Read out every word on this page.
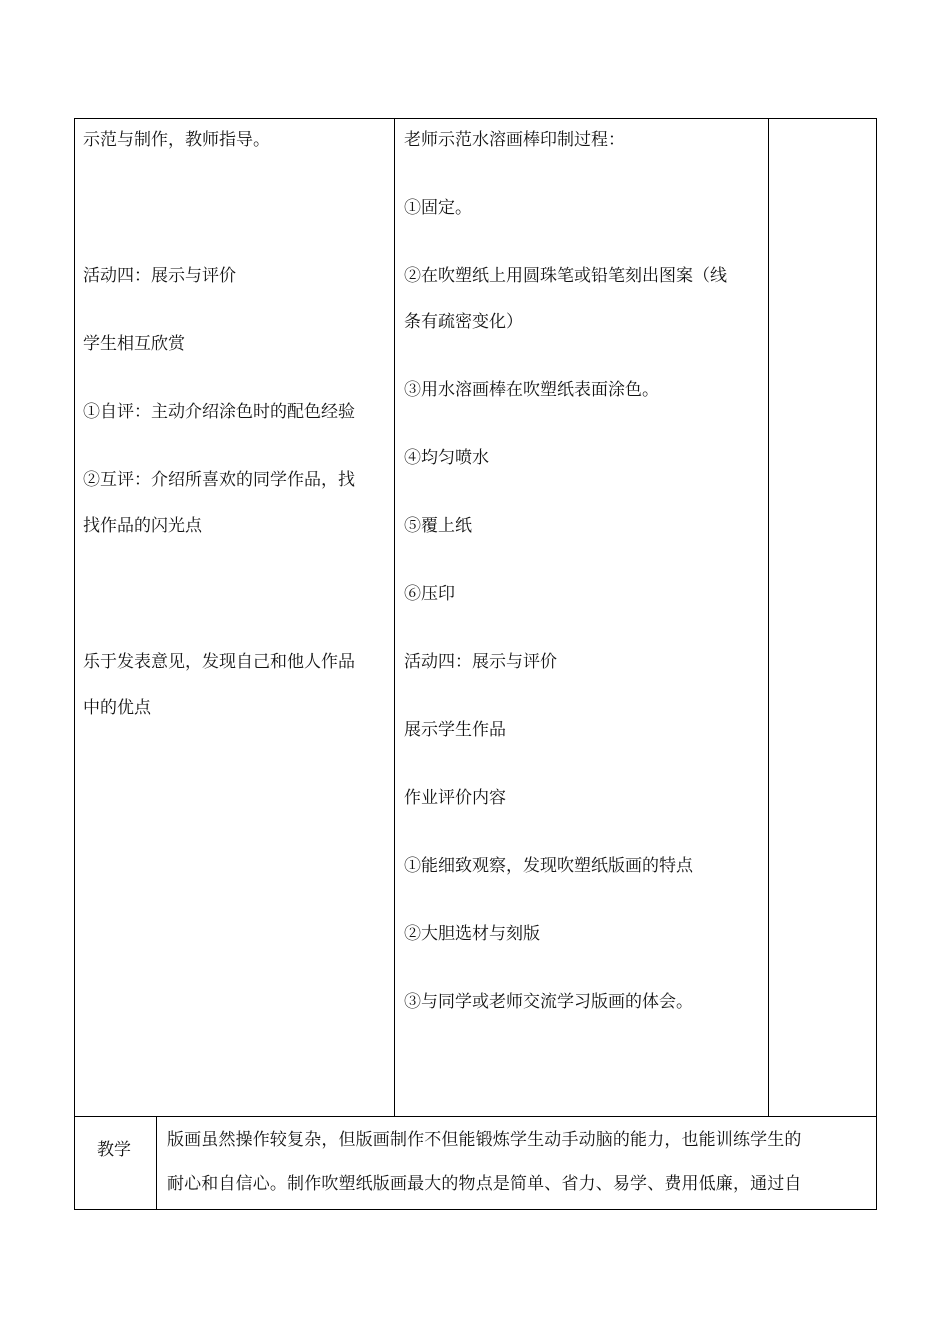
示范与制作，教师指导。
活动四：展示与评价
学生相互欣赏
①自评：主动介绍涂色时的配色经验
②互评：介绍所喜欢的同学作品，找
找作品的闪光点
乐于发表意见，发现自己和他人作品
中的优点
老师示范水溶画棒印制过程：
①固定。
②在吹塑纸上用圆珠笔或铅笔刻出图案（线
条有疏密变化）
③用水溶画棒在吹塑纸表面涂色。
④均匀喷水
⑤覆上纸
⑥压印
活动四：展示与评价
展示学生作品
作业评价内容
①能细致观察，发现吹塑纸版画的特点
②大胆选材与刻版
③与同学或老师交流学习版画的体会。
教学 版画虽然操作较复杂，但版画制作不但能锻炼学生动手动脑的能力，也能训练学生的
耐心和自信心。制作吹塑纸版画最大的物点是简单、省力、易学、费用低廉，通过自
